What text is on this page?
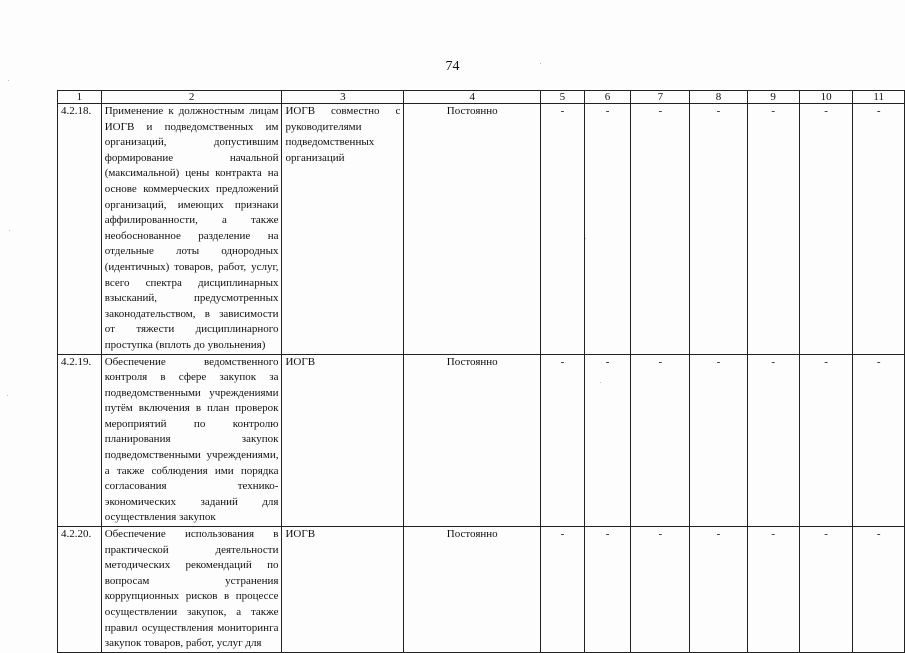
74
1	2	3	4	5	6	7	8	9	10	11
4.2.18.	Применение к должностным лицам ИОГВ и подведомственных им организаций, допустившим формирование начальной (максимальной) цены контракта на основе коммерческих предложений организаций, имеющих признаки аффилированности, а также необоснованное разделение на отдельные лоты однородных (идентичных) товаров, работ, услуг, всего спектра дисциплинарных взысканий, предусмотренных законодательством, в зависимости от тяжести дисциплинарного проступка (вплоть до увольнения)	ИОГВ совместно с руководителями подведомственных организаций	Постоянно	-	-	-	-	-	-	-
4.2.19.	Обеспечение ведомственного контроля в сфере закупок за подведомственными учреждениями путём включения в план проверок мероприятий по контролю планирования закупок подведомственными учреждениями, а также соблюдения ими порядка согласования технико-экономических заданий для осуществления закупок	ИОГВ	Постоянно	-	-	-	-	-	-	-
4.2.20.	Обеспечение использования в практической деятельности методических рекомендаций по вопросам устранения коррупционных рисков в процессе осуществлении закупок, а также правил осуществления мониторинга закупок товаров, работ, услуг для	ИОГВ	Постоянно	-	-	-	-	-	-	-
